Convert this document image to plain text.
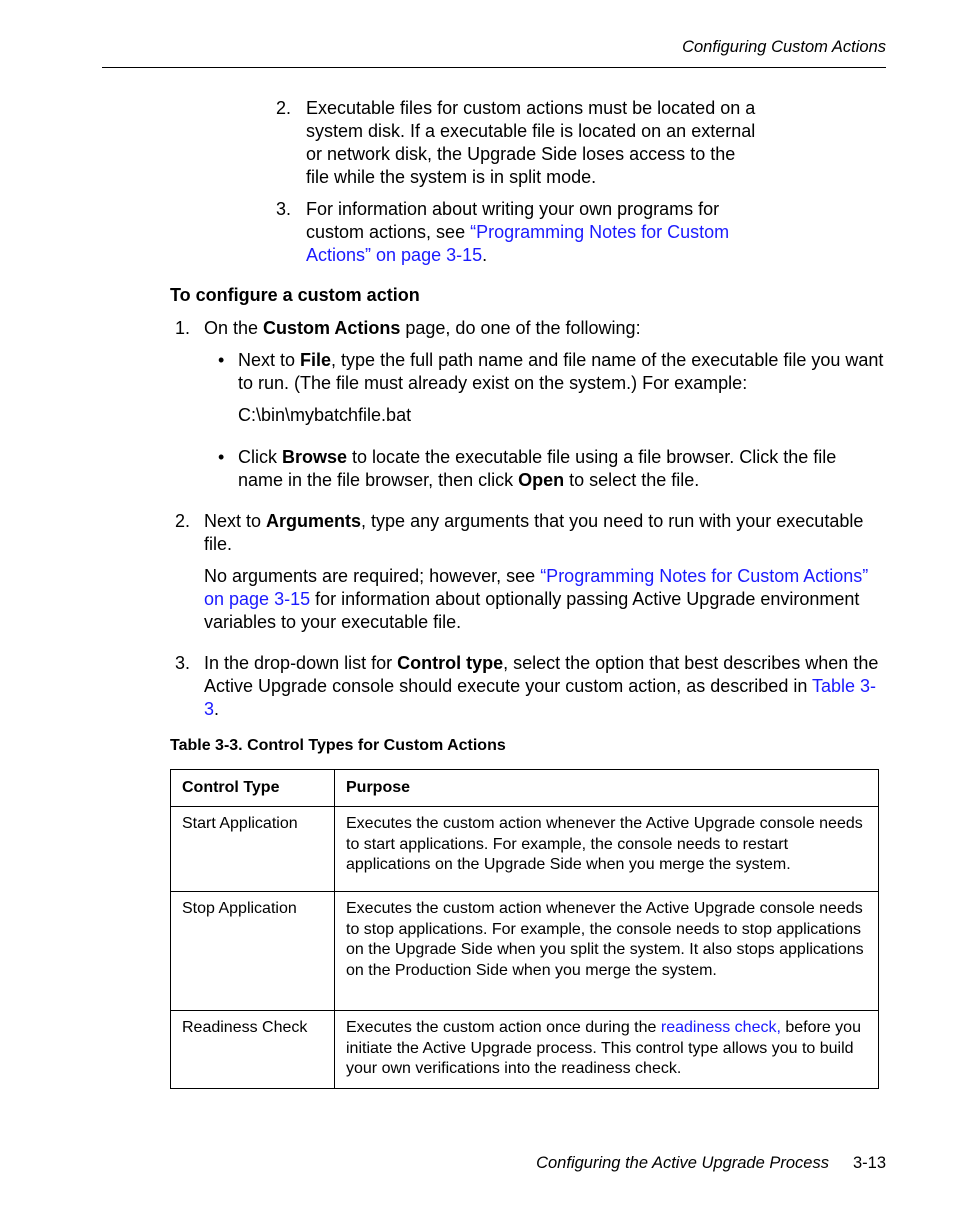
Configuring Custom Actions
2. Executable files for custom actions must be located on a system disk. If a executable file is located on an external or network disk, the Upgrade Side loses access to the file while the system is in split mode.
3. For information about writing your own programs for custom actions, see “Programming Notes for Custom Actions” on page 3-15.
To configure a custom action
1. On the Custom Actions page, do one of the following:
• Next to File, type the full path name and file name of the executable file you want to run. (The file must already exist on the system.) For example:
C:\bin\mybatchfile.bat
• Click Browse to locate the executable file using a file browser. Click the file name in the file browser, then click Open to select the file.
2. Next to Arguments, type any arguments that you need to run with your executable file.
No arguments are required; however, see “Programming Notes for Custom Actions” on page 3-15 for information about optionally passing Active Upgrade environment variables to your executable file.
3. In the drop-down list for Control type, select the option that best describes when the Active Upgrade console should execute your custom action, as described in Table 3-3.
Table 3-3. Control Types for Custom Actions
Control Type	Purpose
Start Application	Executes the custom action whenever the Active Upgrade console needs to start applications. For example, the console needs to restart applications on the Upgrade Side when you merge the system.
Stop Application	Executes the custom action whenever the Active Upgrade console needs to stop applications. For example, the console needs to stop applications on the Upgrade Side when you split the system. It also stops applications on the Production Side when you merge the system.
Readiness Check	Executes the custom action once during the readiness check, before you initiate the Active Upgrade process. This control type allows you to build your own verifications into the readiness check.
Configuring the Active Upgrade Process 3-13
